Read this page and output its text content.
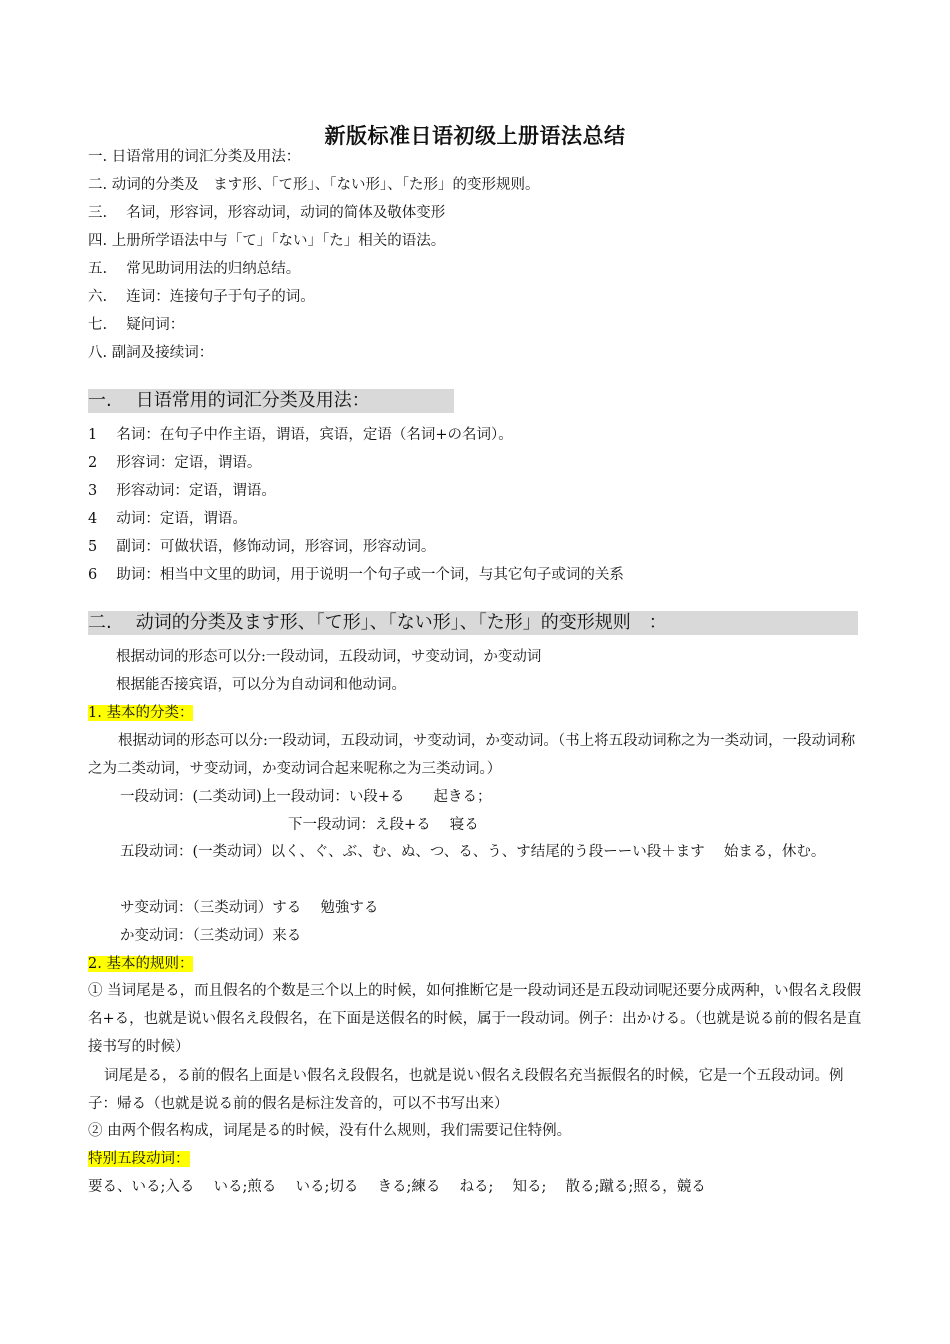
新版标准日语初级上册语法总结
一. 日语常用的词汇分类及用法：
二. 动词的分类及　ます形、「て形」、「ない形」、「た形」的变形规则。
三.　 名词，形容词，形容动词，动词的简体及敬体变形
四. 上册所学语法中与「て」「ない」「た」相关的语法。
五.　 常见助词用法的归纳总结。
六.　 连词：连接句子于句子的词。
七.　 疑问词：
八. 副詞及接续词：
一. 日语常用的词汇分类及用法：
1　 名词：在句子中作主语，谓语，宾语，定语（名词+の名词）。
2　 形容词：定语，谓语。
3　 形容动词：定语，谓语。
4　 动词：定语，谓语。
5　 副词：可做状语，修饰动词，形容词，形容动词。
6　 助词：相当中文里的助词，用于说明一个句子或一个词，与其它句子或词的关系
二. 动词的分类及ます形、「て形」、「ない形」、「た形」的变形规则　：
根据动词的形态可以分:一段动词，五段动词，サ变动词，か变动词
根据能否接宾语，可以分为自动词和他动词。
1. 基本的分类：
根据动词的形态可以分:一段动词，五段动词，サ变动词，か变动词。（书上将五段动词称之为一类动词，一段动词称之为二类动词，サ变动词，か变动词合起来呢称之为三类动词。）
一段动词：(二类动词)上一段动词：い段+る　　起きる；
下一段动词：え段+る　 寝る
五段动词：(一类动词）以く、ぐ、ぶ、む、ぬ、つ、る、う、す结尾的う段ーーい段＋ます　 始まる，休む。
サ变动词：（三类动词）する　 勉強する
か变动词：（三类动词）来る
2. 基本的规则：
① 当词尾是る，而且假名的个数是三个以上的时候，如何推断它是一段动词还是五段动词呢还要分成两种，い假名え段假名+る，也就是说い假名え段假名，在下面是送假名的时候，属于一段动词。例子：出かける。（也就是说る前的假名是直接书写的时候）
词尾是る，る前的假名上面是い假名え段假名，也就是说い假名え段假名充当振假名的时候，它是一个五段动词。例子：帰る（也就是说る前的假名是标注发音的，可以不书写出来）
② 由两个假名构成，词尾是る的时候，没有什么规则，我们需要记住特例。
特别五段动词：
要る、いる;入る　 いる;煎る　 いる;切る　 きる;練る　 ねる;　 知る;　 散る;蹴る;照る，競る
